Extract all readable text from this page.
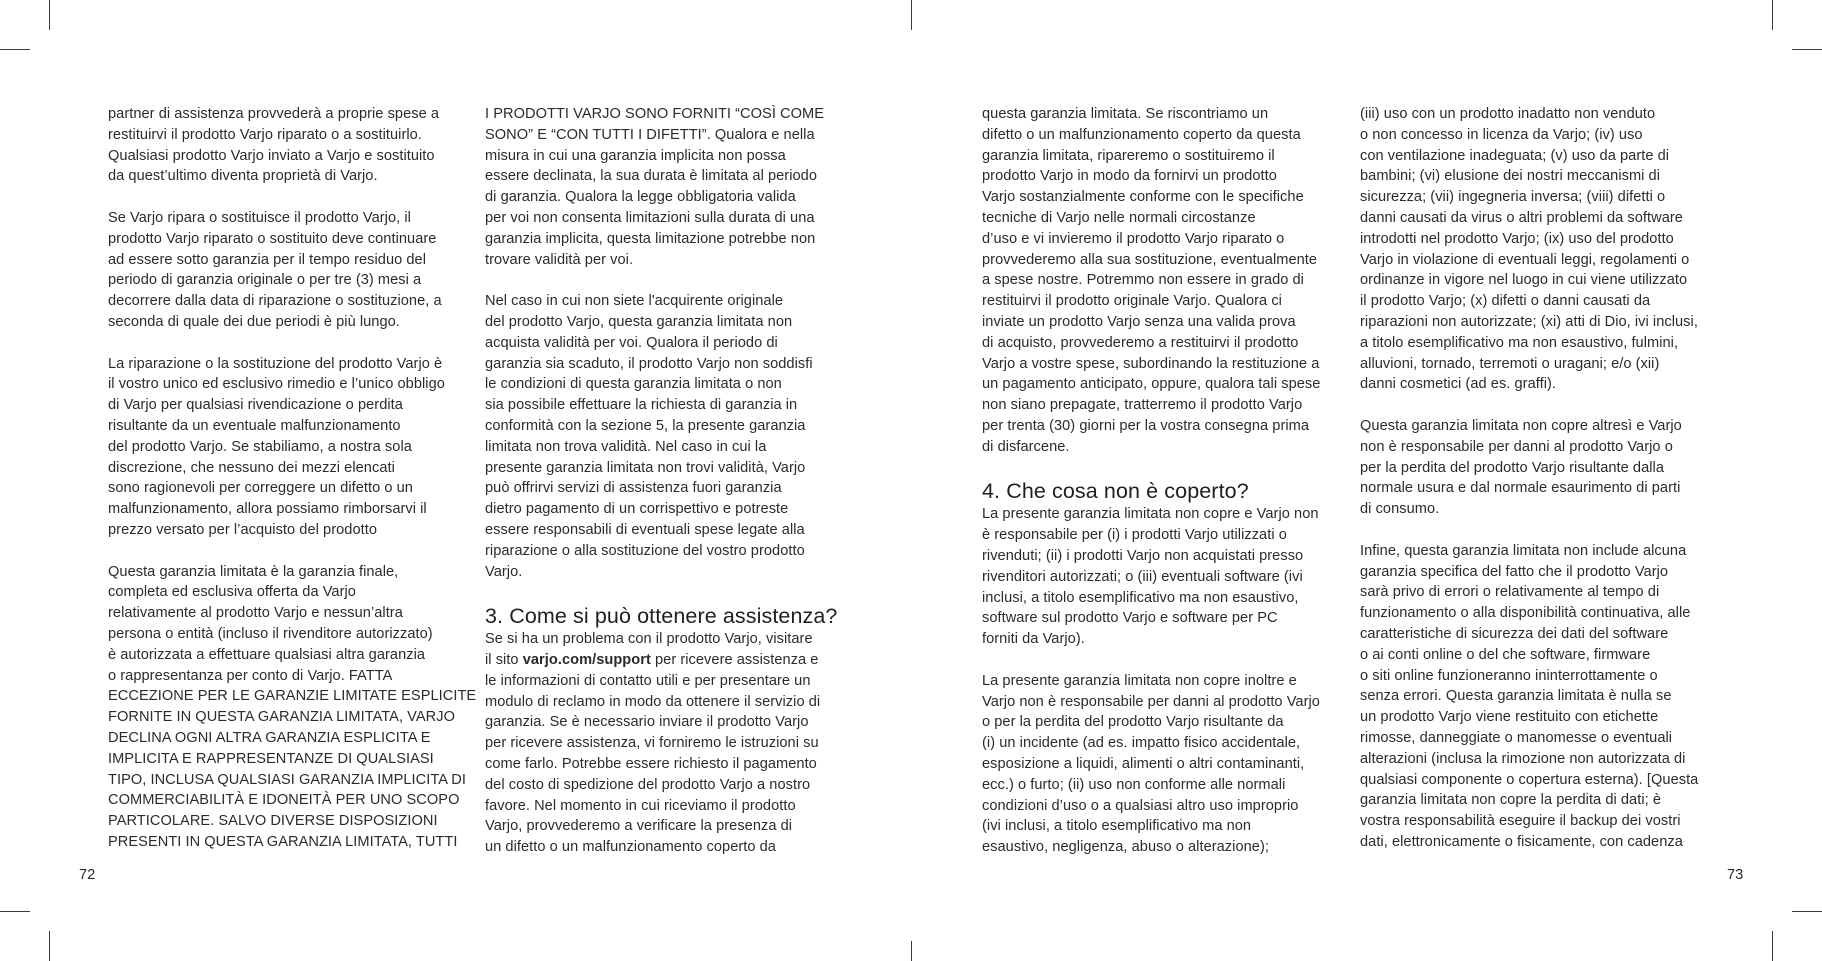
partner di assistenza provvederà a proprie spese a
restituirvi il prodotto Varjo riparato o a sostituirlo.
Qualsiasi prodotto Varjo inviato a Varjo e sostituito
da quest’ultimo diventa proprietà di Varjo.

Se Varjo ripara o sostituisce il prodotto Varjo, il
prodotto Varjo riparato o sostituito deve continuare
ad essere sotto garanzia per il tempo residuo del
periodo di garanzia originale o per tre (3) mesi a
decorrere dalla data di riparazione o sostituzione, a
seconda di quale dei due periodi è più lungo.

La riparazione o la sostituzione del prodotto Varjo è
il vostro unico ed esclusivo rimedio e l’unico obbligo
di Varjo per qualsiasi rivendicazione o perdita
risultante da un eventuale malfunzionamento
del prodotto Varjo. Se stabiliamo, a nostra sola
discrezione, che nessuno dei mezzi elencati
sono ragionevoli per correggere un difetto o un
malfunzionamento, allora possiamo rimborsarvi il
prezzo versato per l’acquisto del prodotto

Questa garanzia limitata è la garanzia finale,
completa ed esclusiva offerta da Varjo
relativamente al prodotto Varjo e nessun’altra
persona o entità (incluso il rivenditore autorizzato)
è autorizzata a effettuare qualsiasi altra garanzia
o rappresentanza per conto di Varjo. FATTA
ECCEZIONE PER LE GARANZIE LIMITATE ESPLICITE
FORNITE IN QUESTA GARANZIA LIMITATA, VARJO
DECLINA OGNI ALTRA GARANZIA ESPLICITA E
IMPLICITA E RAPPRESENTANZE DI QUALSIASI
TIPO, INCLUSA QUALSIASI GARANZIA IMPLICITA DI
COMMERCIABILITÀ E IDONEITÀ PER UNO SCOPO
PARTICOLARE. SALVO DIVERSE DISPOSIZIONI
PRESENTI IN QUESTA GARANZIA LIMITATA, TUTTI

I PRODOTTI VARJO SONO FORNITI “COSÌ COME
SONO” E “CON TUTTI I DIFETTI”. Qualora e nella
misura in cui una garanzia implicita non possa
essere declinata, la sua durata è limitata al periodo
di garanzia. Qualora la legge obbligatoria valida
per voi non consenta limitazioni sulla durata di una
garanzia implicita, questa limitazione potrebbe non
trovare validità per voi.

Nel caso in cui non siete l'acquirente originale
del prodotto Varjo, questa garanzia limitata non
acquista validità per voi. Qualora il periodo di
garanzia sia scaduto, il prodotto Varjo non soddisfi
le condizioni di questa garanzia limitata o non
sia possibile effettuare la richiesta di garanzia in
conformità con la sezione 5, la presente garanzia
limitata non trova validità. Nel caso in cui la
presente garanzia limitata non trovi validità, Varjo
può offrirvi servizi di assistenza fuori garanzia
dietro pagamento di un corrispettivo e potreste
essere responsabili di eventuali spese legate alla
riparazione o alla sostituzione del vostro prodotto
Varjo.

3. Come si può ottenere assistenza?

Se si ha un problema con il prodotto Varjo, visitare
il sito varjo.com/support per ricevere assistenza e
le informazioni di contatto utili e per presentare un
modulo di reclamo in modo da ottenere il servizio di
garanzia. Se è necessario inviare il prodotto Varjo
per ricevere assistenza, vi forniremo le istruzioni su
come farlo. Potrebbe essere richiesto il pagamento
del costo di spedizione del prodotto Varjo a nostro
favore. Nel momento in cui riceviamo il prodotto
Varjo, provvederemo a verificare la presenza di
un difetto o un malfunzionamento coperto da

72

questa garanzia limitata. Se riscontriamo un
difetto o un malfunzionamento coperto da questa
garanzia limitata, ripareremo o sostituiremo il
prodotto Varjo in modo da fornirvi un prodotto
Varjo sostanzialmente conforme con le specifiche
tecniche di Varjo nelle normali circostanze
d’uso e vi invieremo il prodotto Varjo riparato o
provvederemo alla sua sostituzione, eventualmente
a spese nostre. Potremmo non essere in grado di
restituirvi il prodotto originale Varjo. Qualora ci
inviate un prodotto Varjo senza una valida prova
di acquisto, provvederemo a restituirvi il prodotto
Varjo a vostre spese, subordinando la restituzione a
un pagamento anticipato, oppure, qualora tali spese
non siano prepagate, tratterremo il prodotto Varjo
per trenta (30) giorni per la vostra consegna prima
di disfarcene.

4. Che cosa non è coperto?

La presente garanzia limitata non copre e Varjo non
è responsabile per (i) i prodotti Varjo utilizzati o
rivenduti; (ii) i prodotti Varjo non acquistati presso
rivenditori autorizzati; o (iii) eventuali software (ivi
inclusi, a titolo esemplificativo ma non esaustivo,
software sul prodotto Varjo e software per PC
forniti da Varjo).

La presente garanzia limitata non copre inoltre e
Varjo non è responsabile per danni al prodotto Varjo
o per la perdita del prodotto Varjo risultante da
(i) un incidente (ad es. impatto fisico accidentale,
esposizione a liquidi, alimenti o altri contaminanti,
ecc.) o furto; (ii) uso non conforme alle normali
condizioni d’uso o a qualsiasi altro uso improprio
(ivi inclusi, a titolo esemplificativo ma non
esaustivo, negligenza, abuso o alterazione);

(iii) uso con un prodotto inadatto non venduto
o non concesso in licenza da Varjo; (iv) uso
con ventilazione inadeguata; (v) uso da parte di
bambini; (vi) elusione dei nostri meccanismi di
sicurezza; (vii) ingegneria inversa; (viii) difetti o
danni causati da virus o altri problemi da software
introdotti nel prodotto Varjo; (ix) uso del prodotto
Varjo in violazione di eventuali leggi, regolamenti o
ordinanze in vigore nel luogo in cui viene utilizzato
il prodotto Varjo; (x) difetti o danni causati da
riparazioni non autorizzate; (xi) atti di Dio, ivi inclusi,
a titolo esemplificativo ma non esaustivo, fulmini,
alluvioni, tornado, terremoti o uragani; e/o (xii)
danni cosmetici (ad es. graffi).

Questa garanzia limitata non copre altresì e Varjo
non è responsabile per danni al prodotto Varjo o
per la perdita del prodotto Varjo risultante dalla
normale usura e dal normale esaurimento di parti
di consumo.

Infine, questa garanzia limitata non include alcuna
garanzia specifica del fatto che il prodotto Varjo
sarà privo di errori o relativamente al tempo di
funzionamento o alla disponibilità continuativa, alle
caratteristiche di sicurezza dei dati del software
o ai conti online o del che software, firmware
o siti online funzioneranno ininterrottamente o
senza errori. Questa garanzia limitata è nulla se
un prodotto Varjo viene restituito con etichette
rimosse, danneggiate o manomesse o eventuali
alterazioni (inclusa la rimozione non autorizzata di
qualsiasi componente o copertura esterna). [Questa
garanzia limitata non copre la perdita di dati; è
vostra responsabilità eseguire il backup dei vostri
dati, elettronicamente o fisicamente, con cadenza

73
